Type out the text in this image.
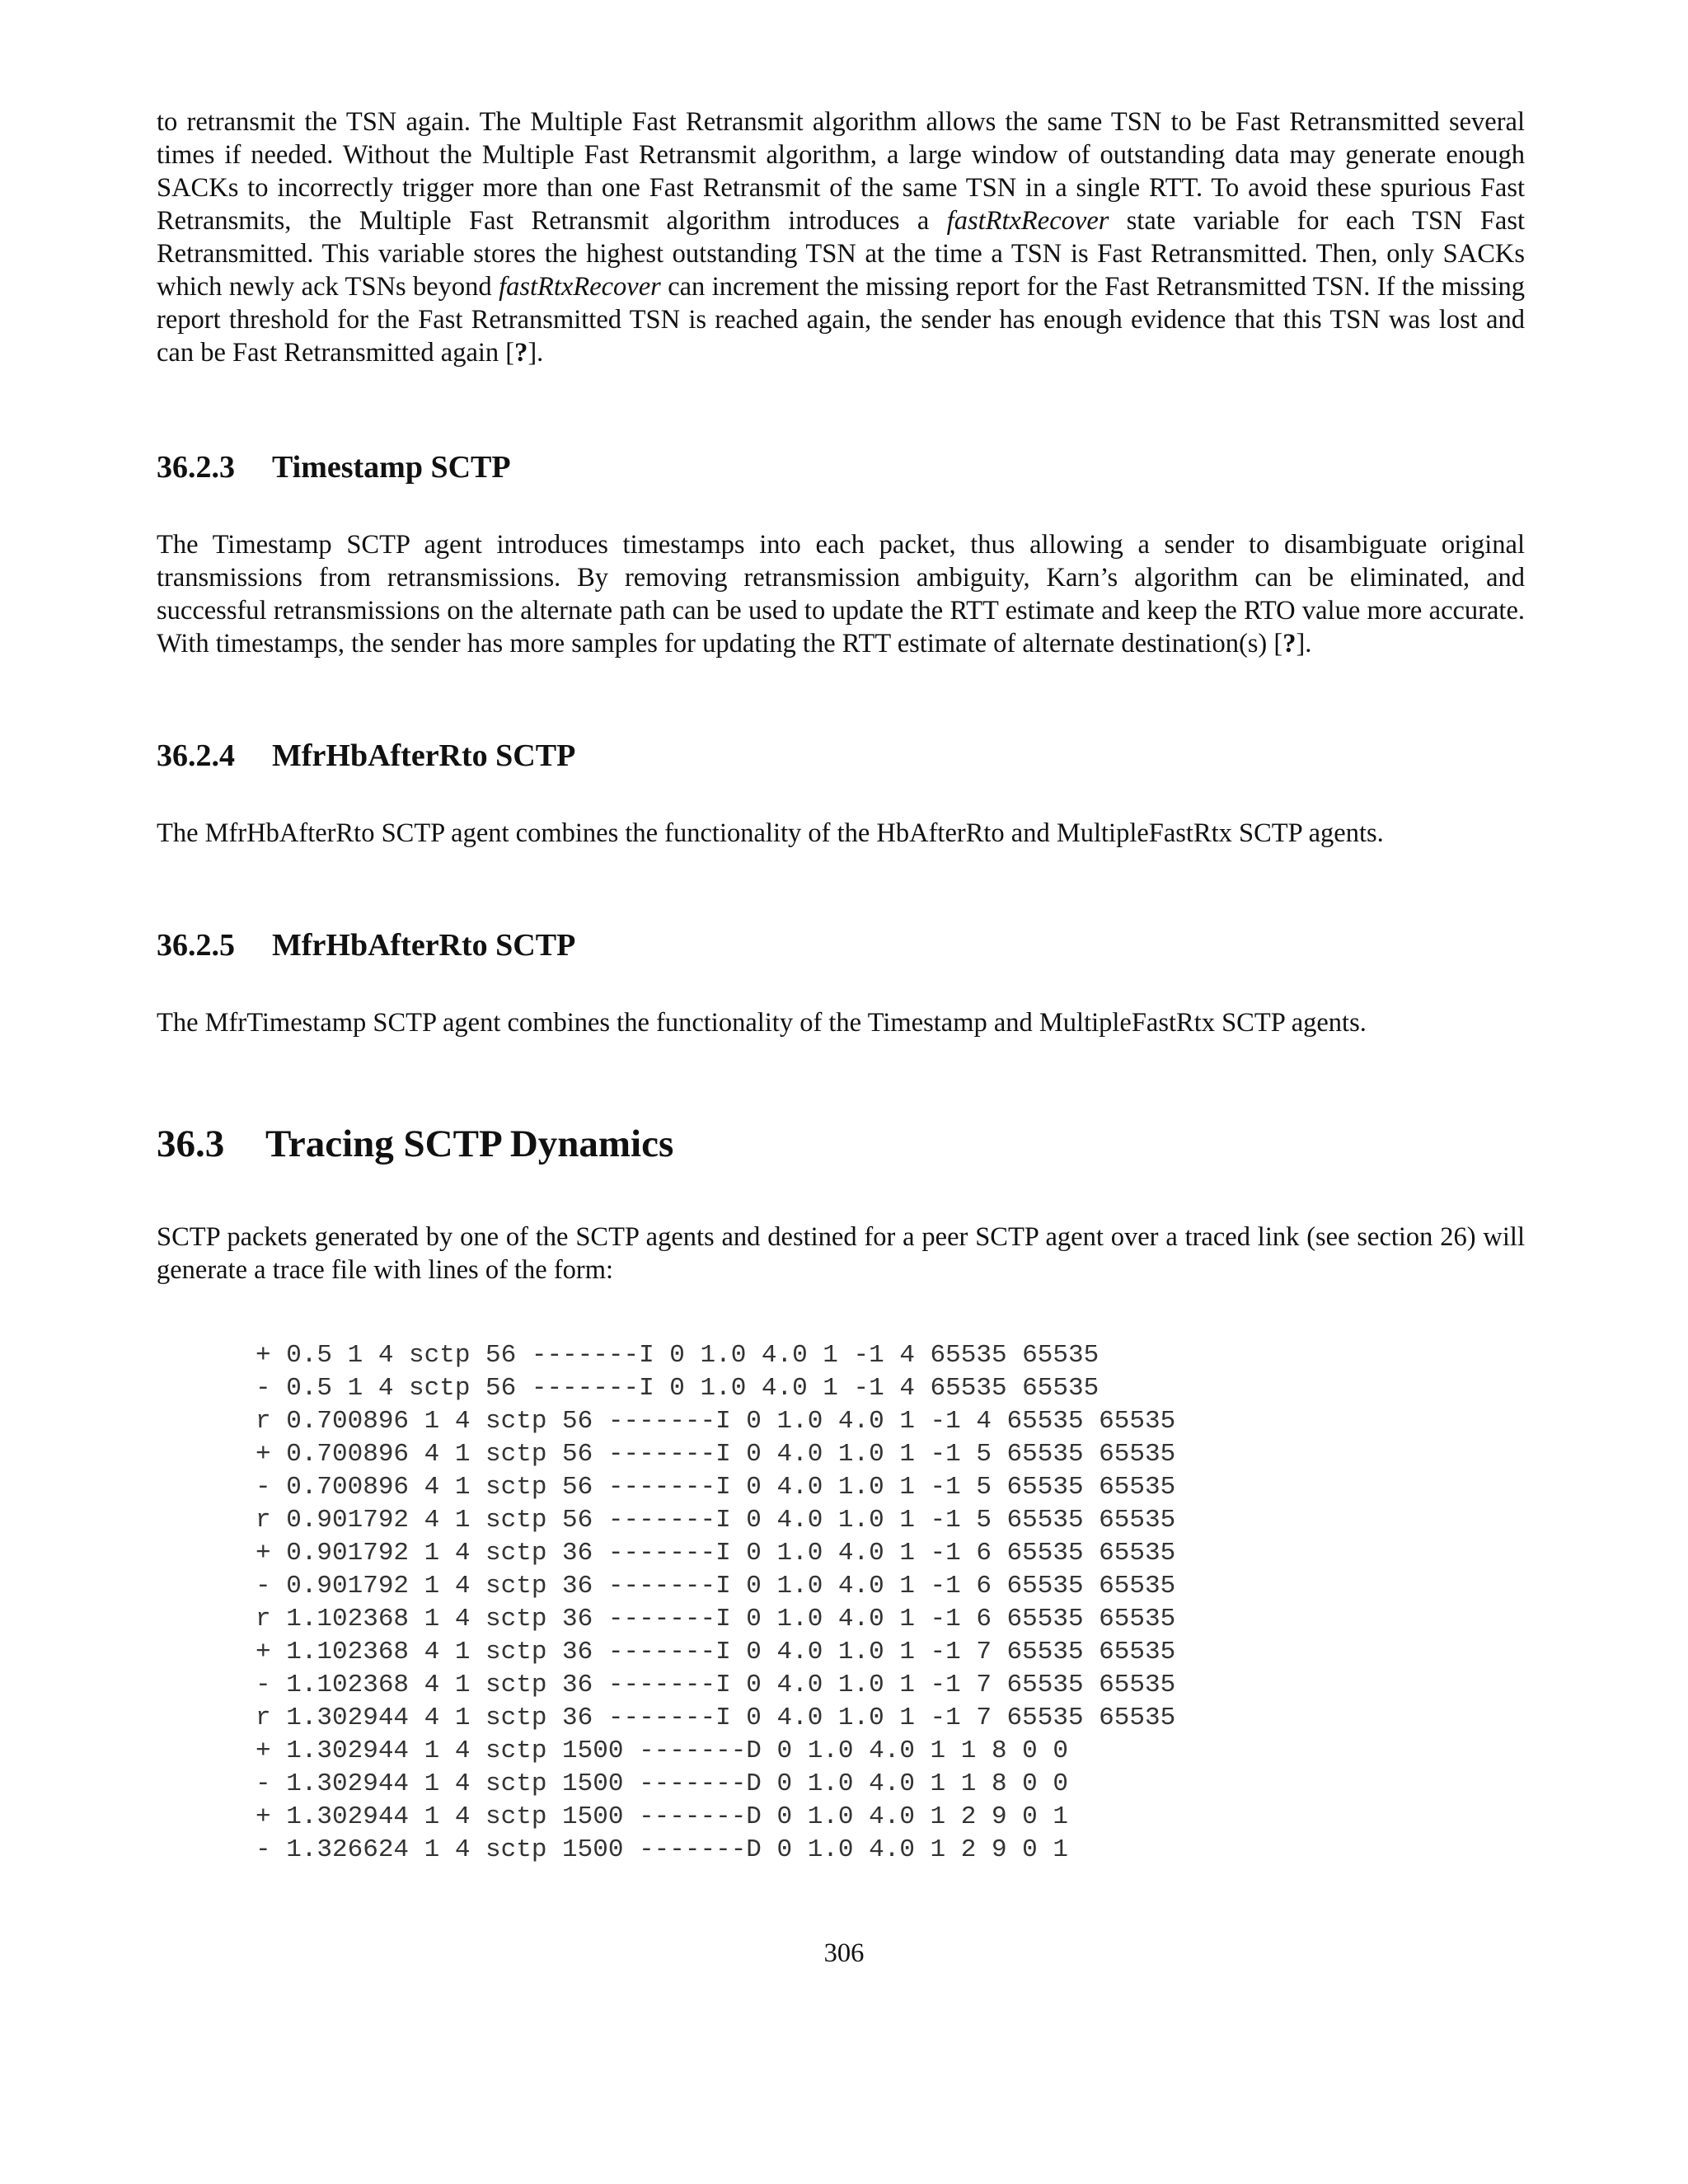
to retransmit the TSN again. The Multiple Fast Retransmit algorithm allows the same TSN to be Fast Retransmitted several times if needed. Without the Multiple Fast Retransmit algorithm, a large window of outstanding data may generate enough SACKs to incorrectly trigger more than one Fast Retransmit of the same TSN in a single RTT. To avoid these spurious Fast Retransmits, the Multiple Fast Retransmit algorithm introduces a fastRtxRecover state variable for each TSN Fast Retransmitted. This variable stores the highest outstanding TSN at the time a TSN is Fast Retransmitted. Then, only SACKs which newly ack TSNs beyond fastRtxRecover can increment the missing report for the Fast Retransmitted TSN. If the missing report threshold for the Fast Retransmitted TSN is reached again, the sender has enough evidence that this TSN was lost and can be Fast Retransmitted again [?].

36.2.3 Timestamp SCTP

The Timestamp SCTP agent introduces timestamps into each packet, thus allowing a sender to disambiguate original transmissions from retransmissions. By removing retransmission ambiguity, Karn’s algorithm can be eliminated, and successful retransmissions on the alternate path can be used to update the RTT estimate and keep the RTO value more accurate. With timestamps, the sender has more samples for updating the RTT estimate of alternate destination(s) [?].

36.2.4 MfrHbAfterRto SCTP

The MfrHbAfterRto SCTP agent combines the functionality of the HbAfterRto and MultipleFastRtx SCTP agents.

36.2.5 MfrHbAfterRto SCTP

The MfrTimestamp SCTP agent combines the functionality of the Timestamp and MultipleFastRtx SCTP agents.

36.3 Tracing SCTP Dynamics

SCTP packets generated by one of the SCTP agents and destined for a peer SCTP agent over a traced link (see section 26) will generate a trace file with lines of the form:

+ 0.5 1 4 sctp 56 -------I 0 1.0 4.0 1 -1 4 65535 65535
- 0.5 1 4 sctp 56 -------I 0 1.0 4.0 1 -1 4 65535 65535
r 0.700896 1 4 sctp 56 -------I 0 1.0 4.0 1 -1 4 65535 65535
+ 0.700896 4 1 sctp 56 -------I 0 4.0 1.0 1 -1 5 65535 65535
- 0.700896 4 1 sctp 56 -------I 0 4.0 1.0 1 -1 5 65535 65535
r 0.901792 4 1 sctp 56 -------I 0 4.0 1.0 1 -1 5 65535 65535
+ 0.901792 1 4 sctp 36 -------I 0 1.0 4.0 1 -1 6 65535 65535
- 0.901792 1 4 sctp 36 -------I 0 1.0 4.0 1 -1 6 65535 65535
r 1.102368 1 4 sctp 36 -------I 0 1.0 4.0 1 -1 6 65535 65535
+ 1.102368 4 1 sctp 36 -------I 0 4.0 1.0 1 -1 7 65535 65535
- 1.102368 4 1 sctp 36 -------I 0 4.0 1.0 1 -1 7 65535 65535
r 1.302944 4 1 sctp 36 -------I 0 4.0 1.0 1 -1 7 65535 65535
+ 1.302944 1 4 sctp 1500 -------D 0 1.0 4.0 1 1 8 0 0
- 1.302944 1 4 sctp 1500 -------D 0 1.0 4.0 1 1 8 0 0
+ 1.302944 1 4 sctp 1500 -------D 0 1.0 4.0 1 2 9 0 1
- 1.326624 1 4 sctp 1500 -------D 0 1.0 4.0 1 2 9 0 1
306
